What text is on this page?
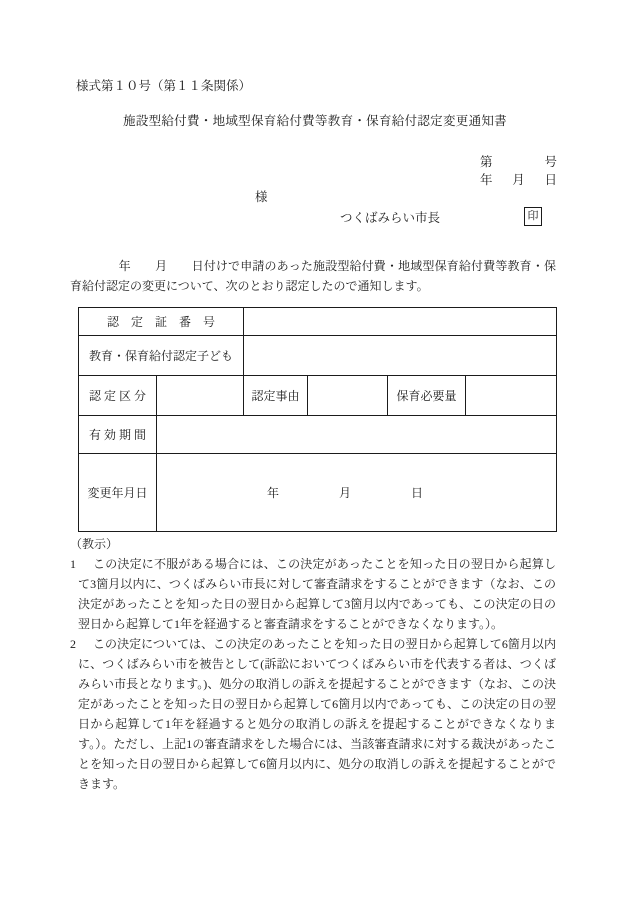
様式第１０号（第１１条関係）
施設型給付費・地域型保育給付費等教育・保育給付認定変更通知書
第	号
年 月 日
様
つくばみらい市長	印
　　　　年　　月　　日付けで申請のあった施設型給付費・地域型保育給付費等教育・保育給付認定の変更について、次のとおり認定したので通知します。
認　定　証　番　号					
教育・保育給付認定子ども					
認 定 区 分		認定事由		保育必要量	
有 効 期 間					
変更年月日	年 月 日				

（教示）
1 この決定に不服がある場合には、この決定があったことを知った日の翌日から起算して3箇月以内に、つくばみらい市長に対して審査請求をすることができます（なお、この決定があったことを知った日の翌日から起算して3箇月以内であっても、この決定の日の翌日から起算して1年を経過すると審査請求をすることができなくなります。）。
2 この決定については、この決定のあったことを知った日の翌日から起算して6箇月以内に、つくばみらい市を被告として(訴訟においてつくばみらい市を代表する者は、つくばみらい市長となります。)、処分の取消しの訴えを提起することができます（なお、この決定があったことを知った日の翌日から起算して6箇月以内であっても、この決定の日の翌日から起算して1年を経過すると処分の取消しの訴えを提起することができなくなります。）。ただし、上記1の審査請求をした場合には、当該審査請求に対する裁決があったことを知った日の翌日から起算して6箇月以内に、処分の取消しの訴えを提起することができます。
